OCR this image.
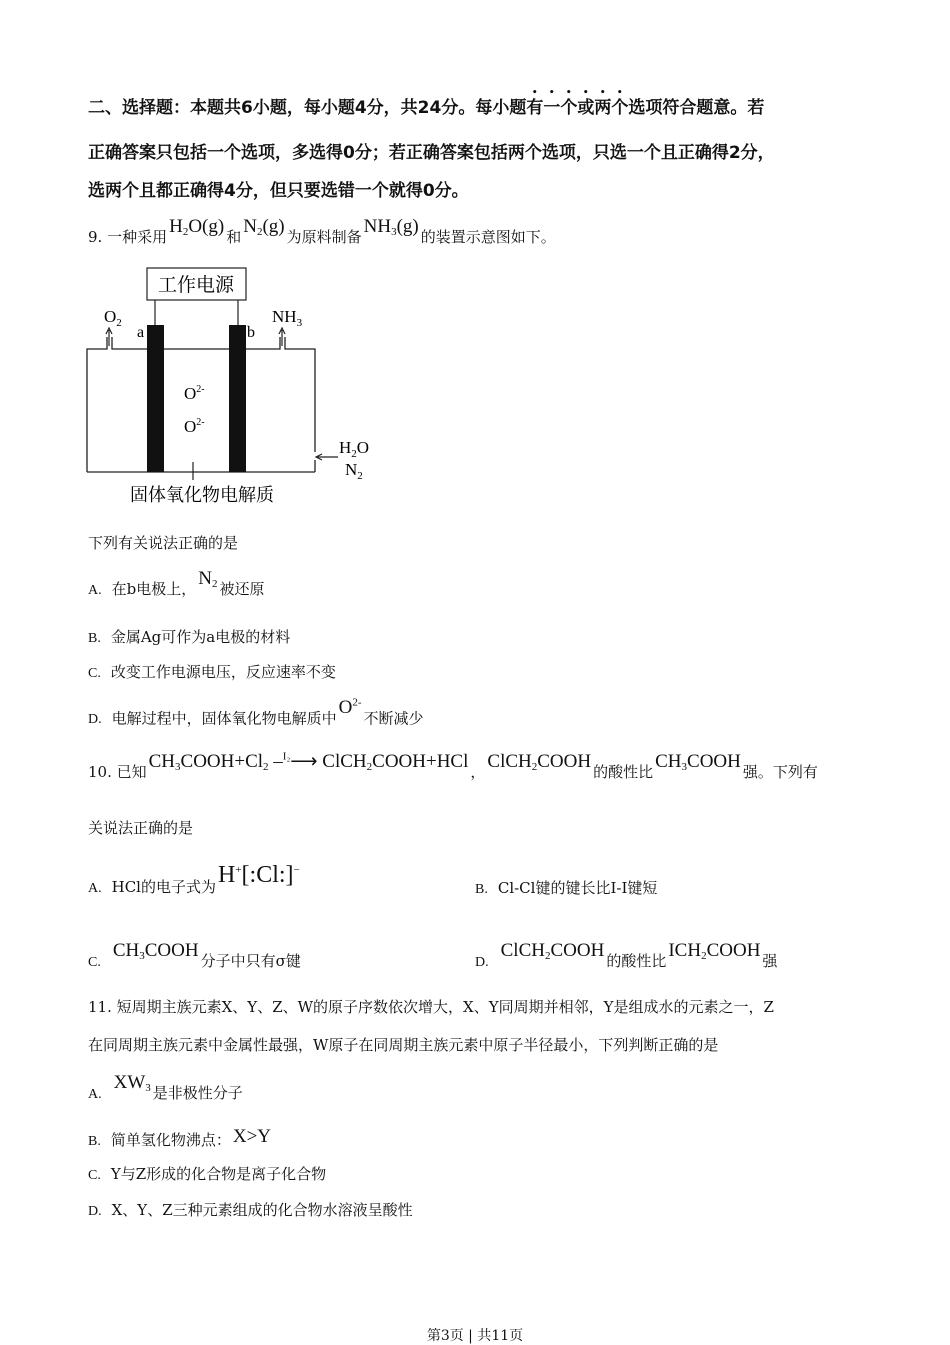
二、选择题：本题共6小题，每小题4分，共24分。每小题有一个或两个选项符合题意。若
正确答案只包括一个选项，多选得0分；若正确答案包括两个选项，只选一个且正确得2分，
选两个且都正确得4分，但只要选错一个就得0分。
9. 一种采用 $H_2O(g)$ 和 $N_2(g)$ 为原料制备 $NH_3(g)$ 的装置示意图如下。
工作电源
$O_2$	$NH_3$
a	b
$O^{2-}$
$O^{2-}$
$H_2O$
$N_2$
固体氧化物电解质
下列有关说法正确的是
A. 在b电极上， $N_2$ 被还原
B. 金属Ag可作为a电极的材料
C. 改变工作电源电压，反应速率不变
D. 电解过程中，固体氧化物电解质中 $O^{2-}$不断减少
10. 已知 $CH_3COOH+Cl_2$ –$^{I_2}$⟶ ClCH$_2$COOH+HCl ， ClCH$_2$COOH 的酸性比 $CH_3COOH$ 强。下列有
关说法正确的是
A. HCl的电子式为H+[:Cl:]−
B. Cl-Cl键的键长比I-I键短
$C.CH_3COOH$ 分子中只有σ键	D.ClCH$_2$COOH 的酸性比 $ICH_2COOH$ 强
11. 短周期主族元素X、Y、Z、W的原子序数依次增大，X、Y同周期并相邻，Y是组成水的元素之一，Z
在同周期主族元素中金属性最强，W原子在同周期主族元素中原子半径最小，下列判断正确的是
$A.XW_3$ 是非极性分子
B. 简单氢化物沸点： X>Y
C. Y与Z形成的化合物是离子化合物
D. X、Y、Z三种元素组成的化合物水溶液呈酸性
第3页 | 共11页
